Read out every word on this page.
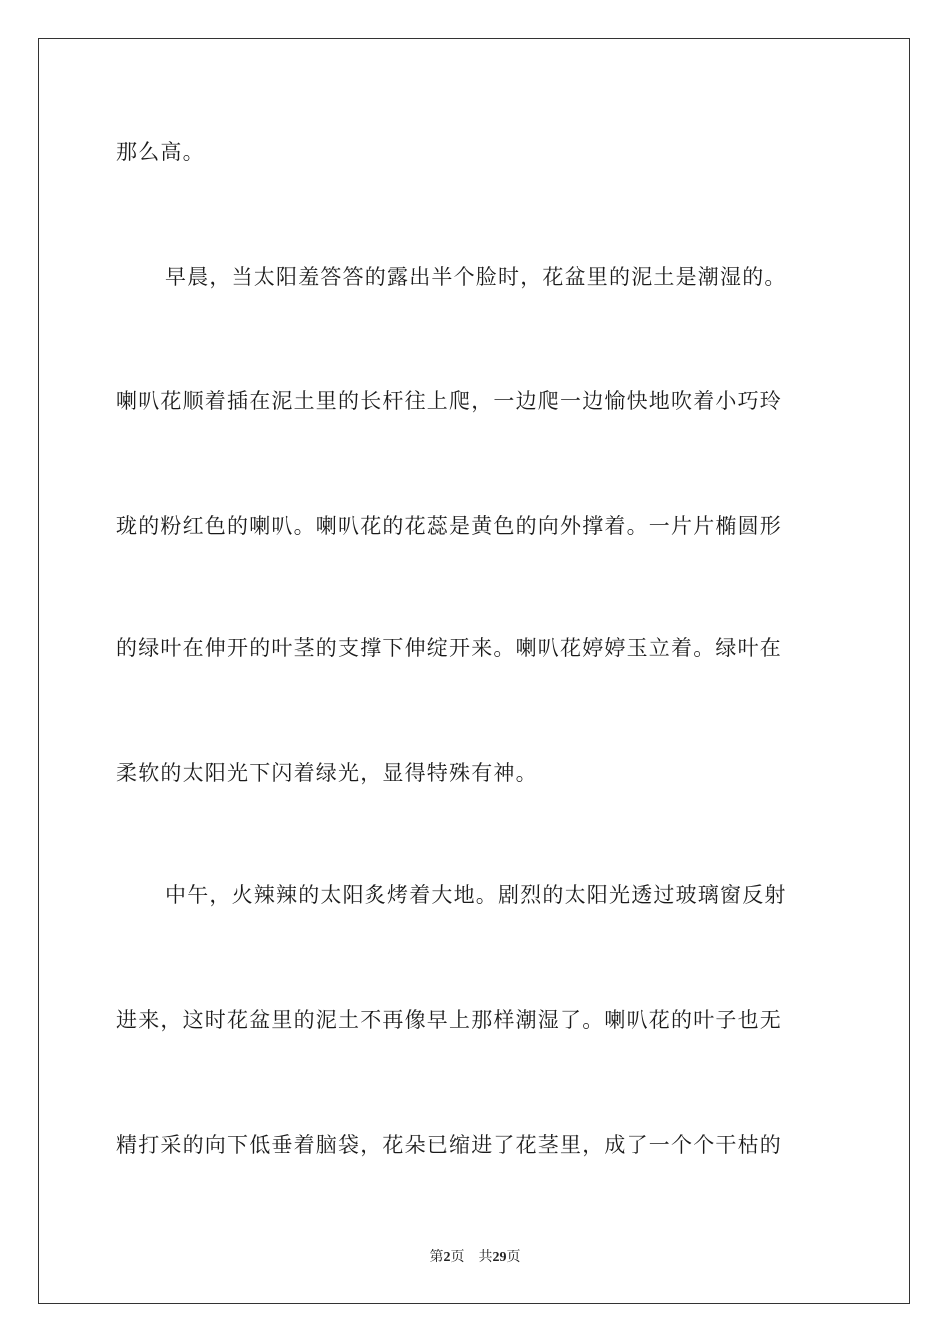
那么高。
早晨，当太阳羞答答的露出半个脸时，花盆里的泥土是潮湿的。
喇叭花顺着插在泥土里的长杆往上爬，一边爬一边愉快地吹着小巧玲
珑的粉红色的喇叭。喇叭花的花蕊是黄色的向外撑着。一片片椭圆形
的绿叶在伸开的叶茎的支撑下伸绽开来。喇叭花婷婷玉立着。绿叶在
柔软的太阳光下闪着绿光，显得特殊有神。
中午，火辣辣的太阳炙烤着大地。剧烈的太阳光透过玻璃窗反射
进来，这时花盆里的泥土不再像早上那样潮湿了。喇叭花的叶子也无
精打采的向下低垂着脑袋，花朵已缩进了花茎里，成了一个个干枯的
第2页 共29页
